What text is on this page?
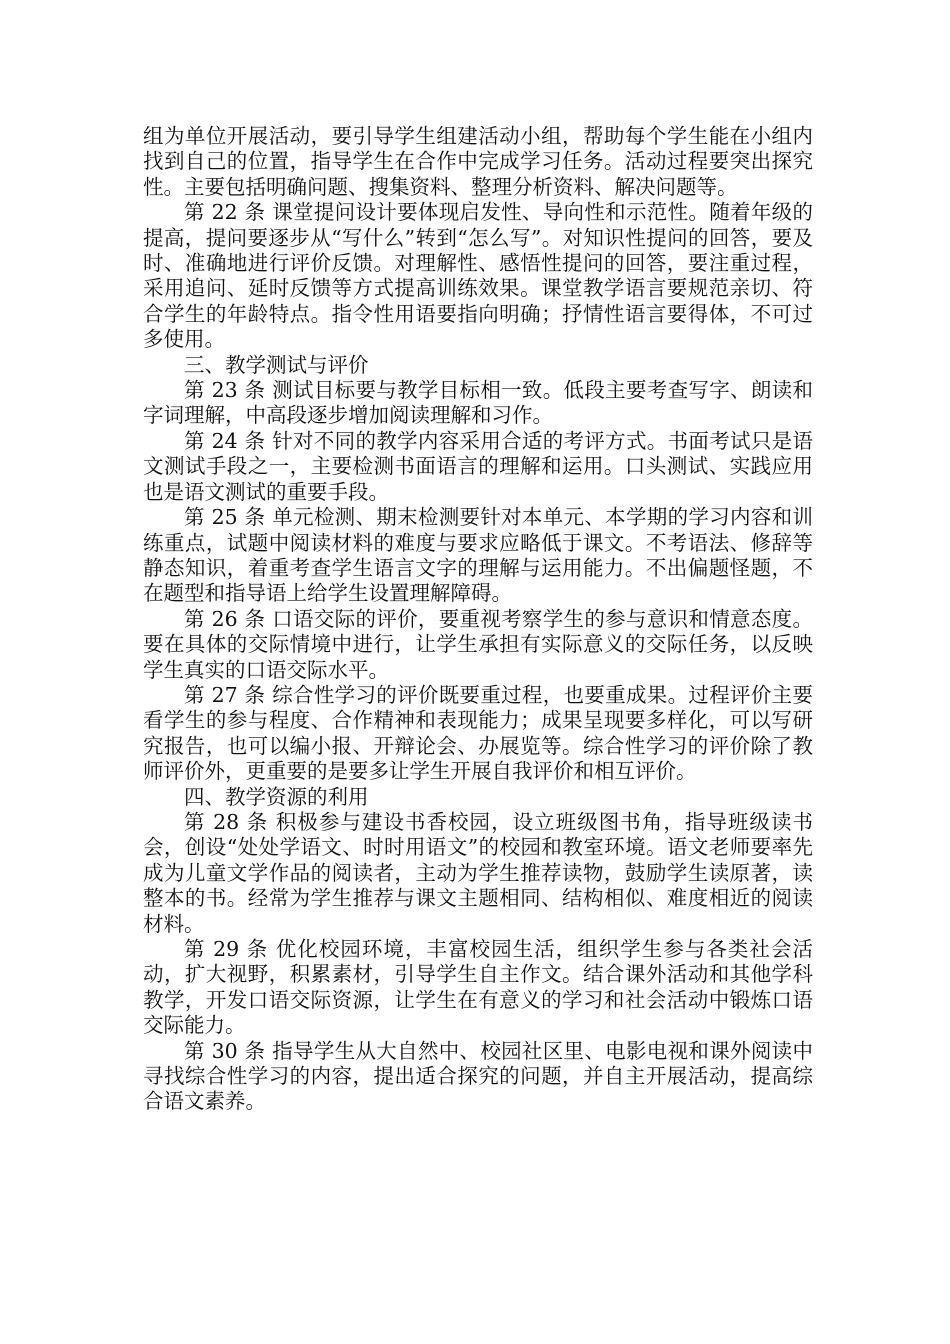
组为单位开展活动，要引导学生组建活动小组，帮助每个学生能在小组内找到自己的位置，指导学生在合作中完成学习任务。活动过程要突出探究性。主要包括明确问题、搜集资料、整理分析资料、解决问题等。

第 22 条 课堂提问设计要体现启发性、导向性和示范性。随着年级的提高，提问要逐步从“写什么”转到“怎么写”。对知识性提问的回答，要及时、准确地进行评价反馈。对理解性、感悟性提问的回答，要注重过程，采用追问、延时反馈等方式提高训练效果。课堂教学语言要规范亲切、符合学生的年龄特点。指令性用语要指向明确；抒情性语言要得体，不可过多使用。

三、教学测试与评价

第 23 条 测试目标要与教学目标相一致。低段主要考查写字、朗读和字词理解，中高段逐步增加阅读理解和习作。

第 24 条 针对不同的教学内容采用合适的考评方式。书面考试只是语文测试手段之一，主要检测书面语言的理解和运用。口头测试、实践应用也是语文测试的重要手段。

第 25 条 单元检测、期末检测要针对本单元、本学期的学习内容和训练重点，试题中阅读材料的难度与要求应略低于课文。不考语法、修辞等静态知识，着重考查学生语言文字的理解与运用能力。不出偏题怪题，不在题型和指导语上给学生设置理解障碍。

第 26 条 口语交际的评价，要重视考察学生的参与意识和情意态度。要在具体的交际情境中进行，让学生承担有实际意义的交际任务，以反映学生真实的口语交际水平。

第 27 条 综合性学习的评价既要重过程，也要重成果。过程评价主要看学生的参与程度、合作精神和表现能力；成果呈现要多样化，可以写研究报告，也可以编小报、开辩论会、办展览等。综合性学习的评价除了教师评价外，更重要的是要多让学生开展自我评价和相互评价。

四、教学资源的利用

第 28 条 积极参与建设书香校园，设立班级图书角，指导班级读书会，创设“处处学语文、时时用语文”的校园和教室环境。语文老师要率先成为儿童文学作品的阅读者，主动为学生推荐读物，鼓励学生读原著，读整本的书。经常为学生推荐与课文主题相同、结构相似、难度相近的阅读材料。

第 29 条 优化校园环境，丰富校园生活，组织学生参与各类社会活动，扩大视野，积累素材，引导学生自主作文。结合课外活动和其他学科教学，开发口语交际资源，让学生在有意义的学习和社会活动中锻炼口语交际能力。

第 30 条 指导学生从大自然中、校园社区里、电影电视和课外阅读中寻找综合性学习的内容，提出适合探究的问题，并自主开展活动，提高综合语文素养。
